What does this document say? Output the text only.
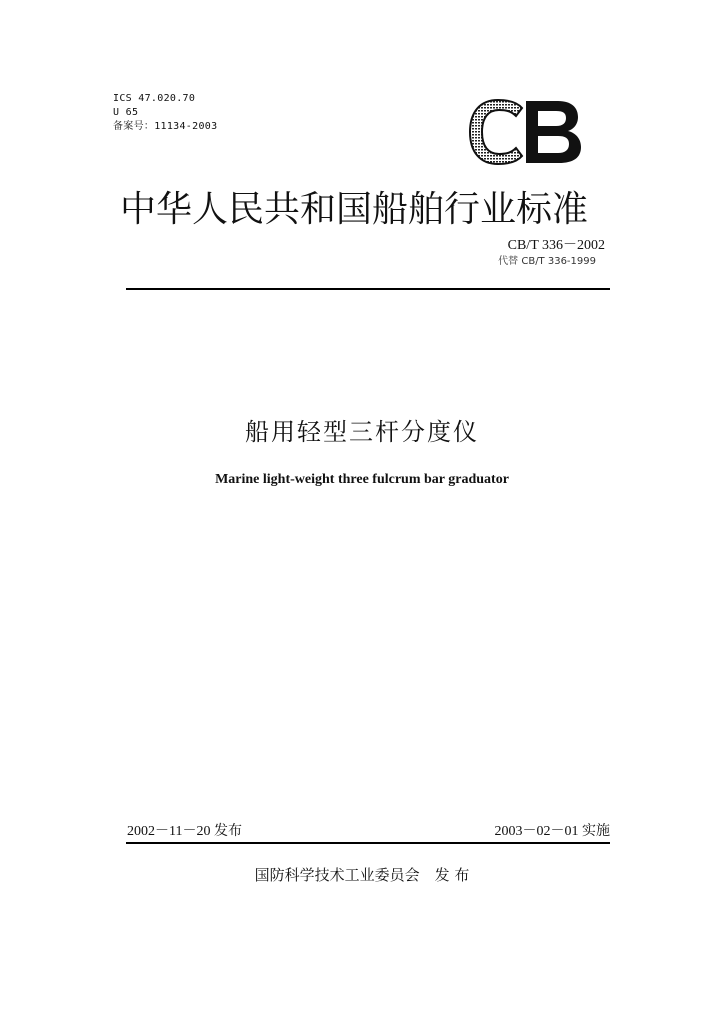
ICS 47.020.70
U 65
备案号：11134-2003
中华人民共和国船舶行业标准
CB/T 336－2002
代替 CB/T 336-1999
船用轻型三杆分度仪
Marine light-weight three fulcrum bar graduator
2002－11－20 发布	2003－02－01 实施
国防科学技术工业委员会　发 布
